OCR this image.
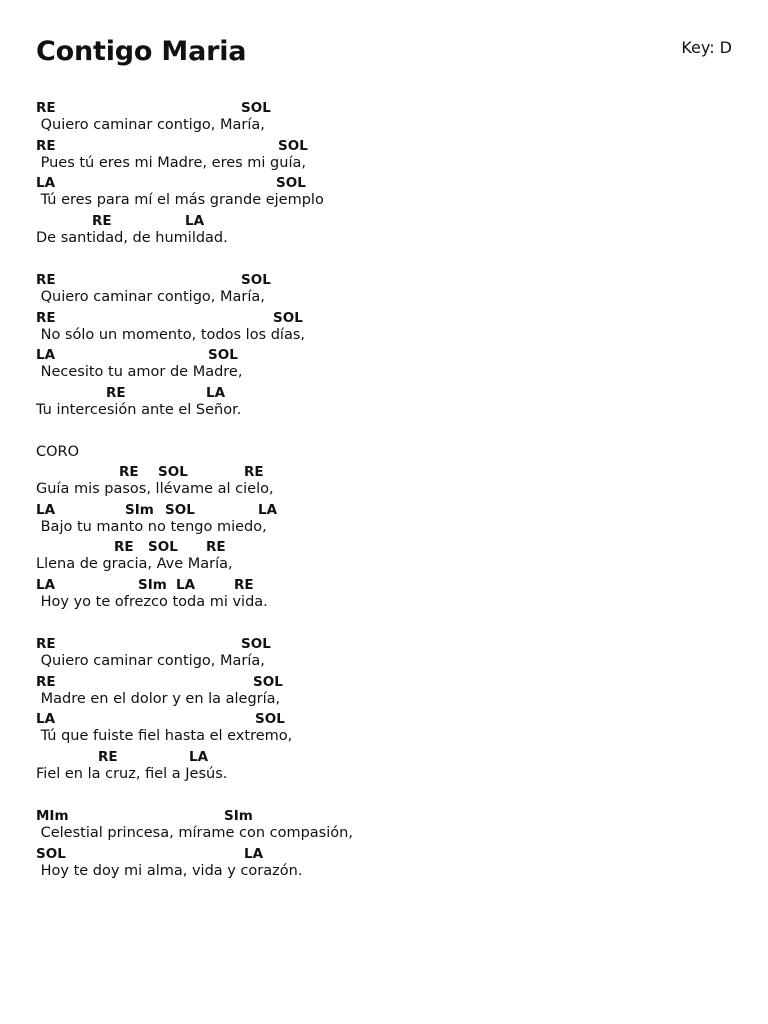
Contigo Maria	Key: D
RE	SOL
Quiero caminar contigo, María,
RE	SOL
Pues tú eres mi Madre, eres mi guía,
LA	SOL
Tú eres para mí el más grande ejemplo
RE	LA
De santidad, de humildad.
RE	SOL
Quiero caminar contigo, María,
RE	SOL
No sólo un momento, todos los días,
LA	SOL
Necesito tu amor de Madre,
RE	LA
Tu intercesión ante el Señor.
CORO
RE SOL	RE
Guía mis pasos, llévame al cielo,
LA	SIm SOL	LA
Bajo tu manto no tengo miedo,
RE SOL RE
Llena de gracia, Ave María,
LA	SIm LA	RE
Hoy yo te ofrezco toda mi vida.
RE	SOL
Quiero caminar contigo, María,
RE	SOL
Madre en el dolor y en la alegría,
LA	SOL
Tú que fuiste fiel hasta el extremo,
RE	LA
Fiel en la cruz, fiel a Jesús.
MIm	SIm
Celestial princesa, mírame con compasión,
SOL	LA
Hoy te doy mi alma, vida y corazón.
